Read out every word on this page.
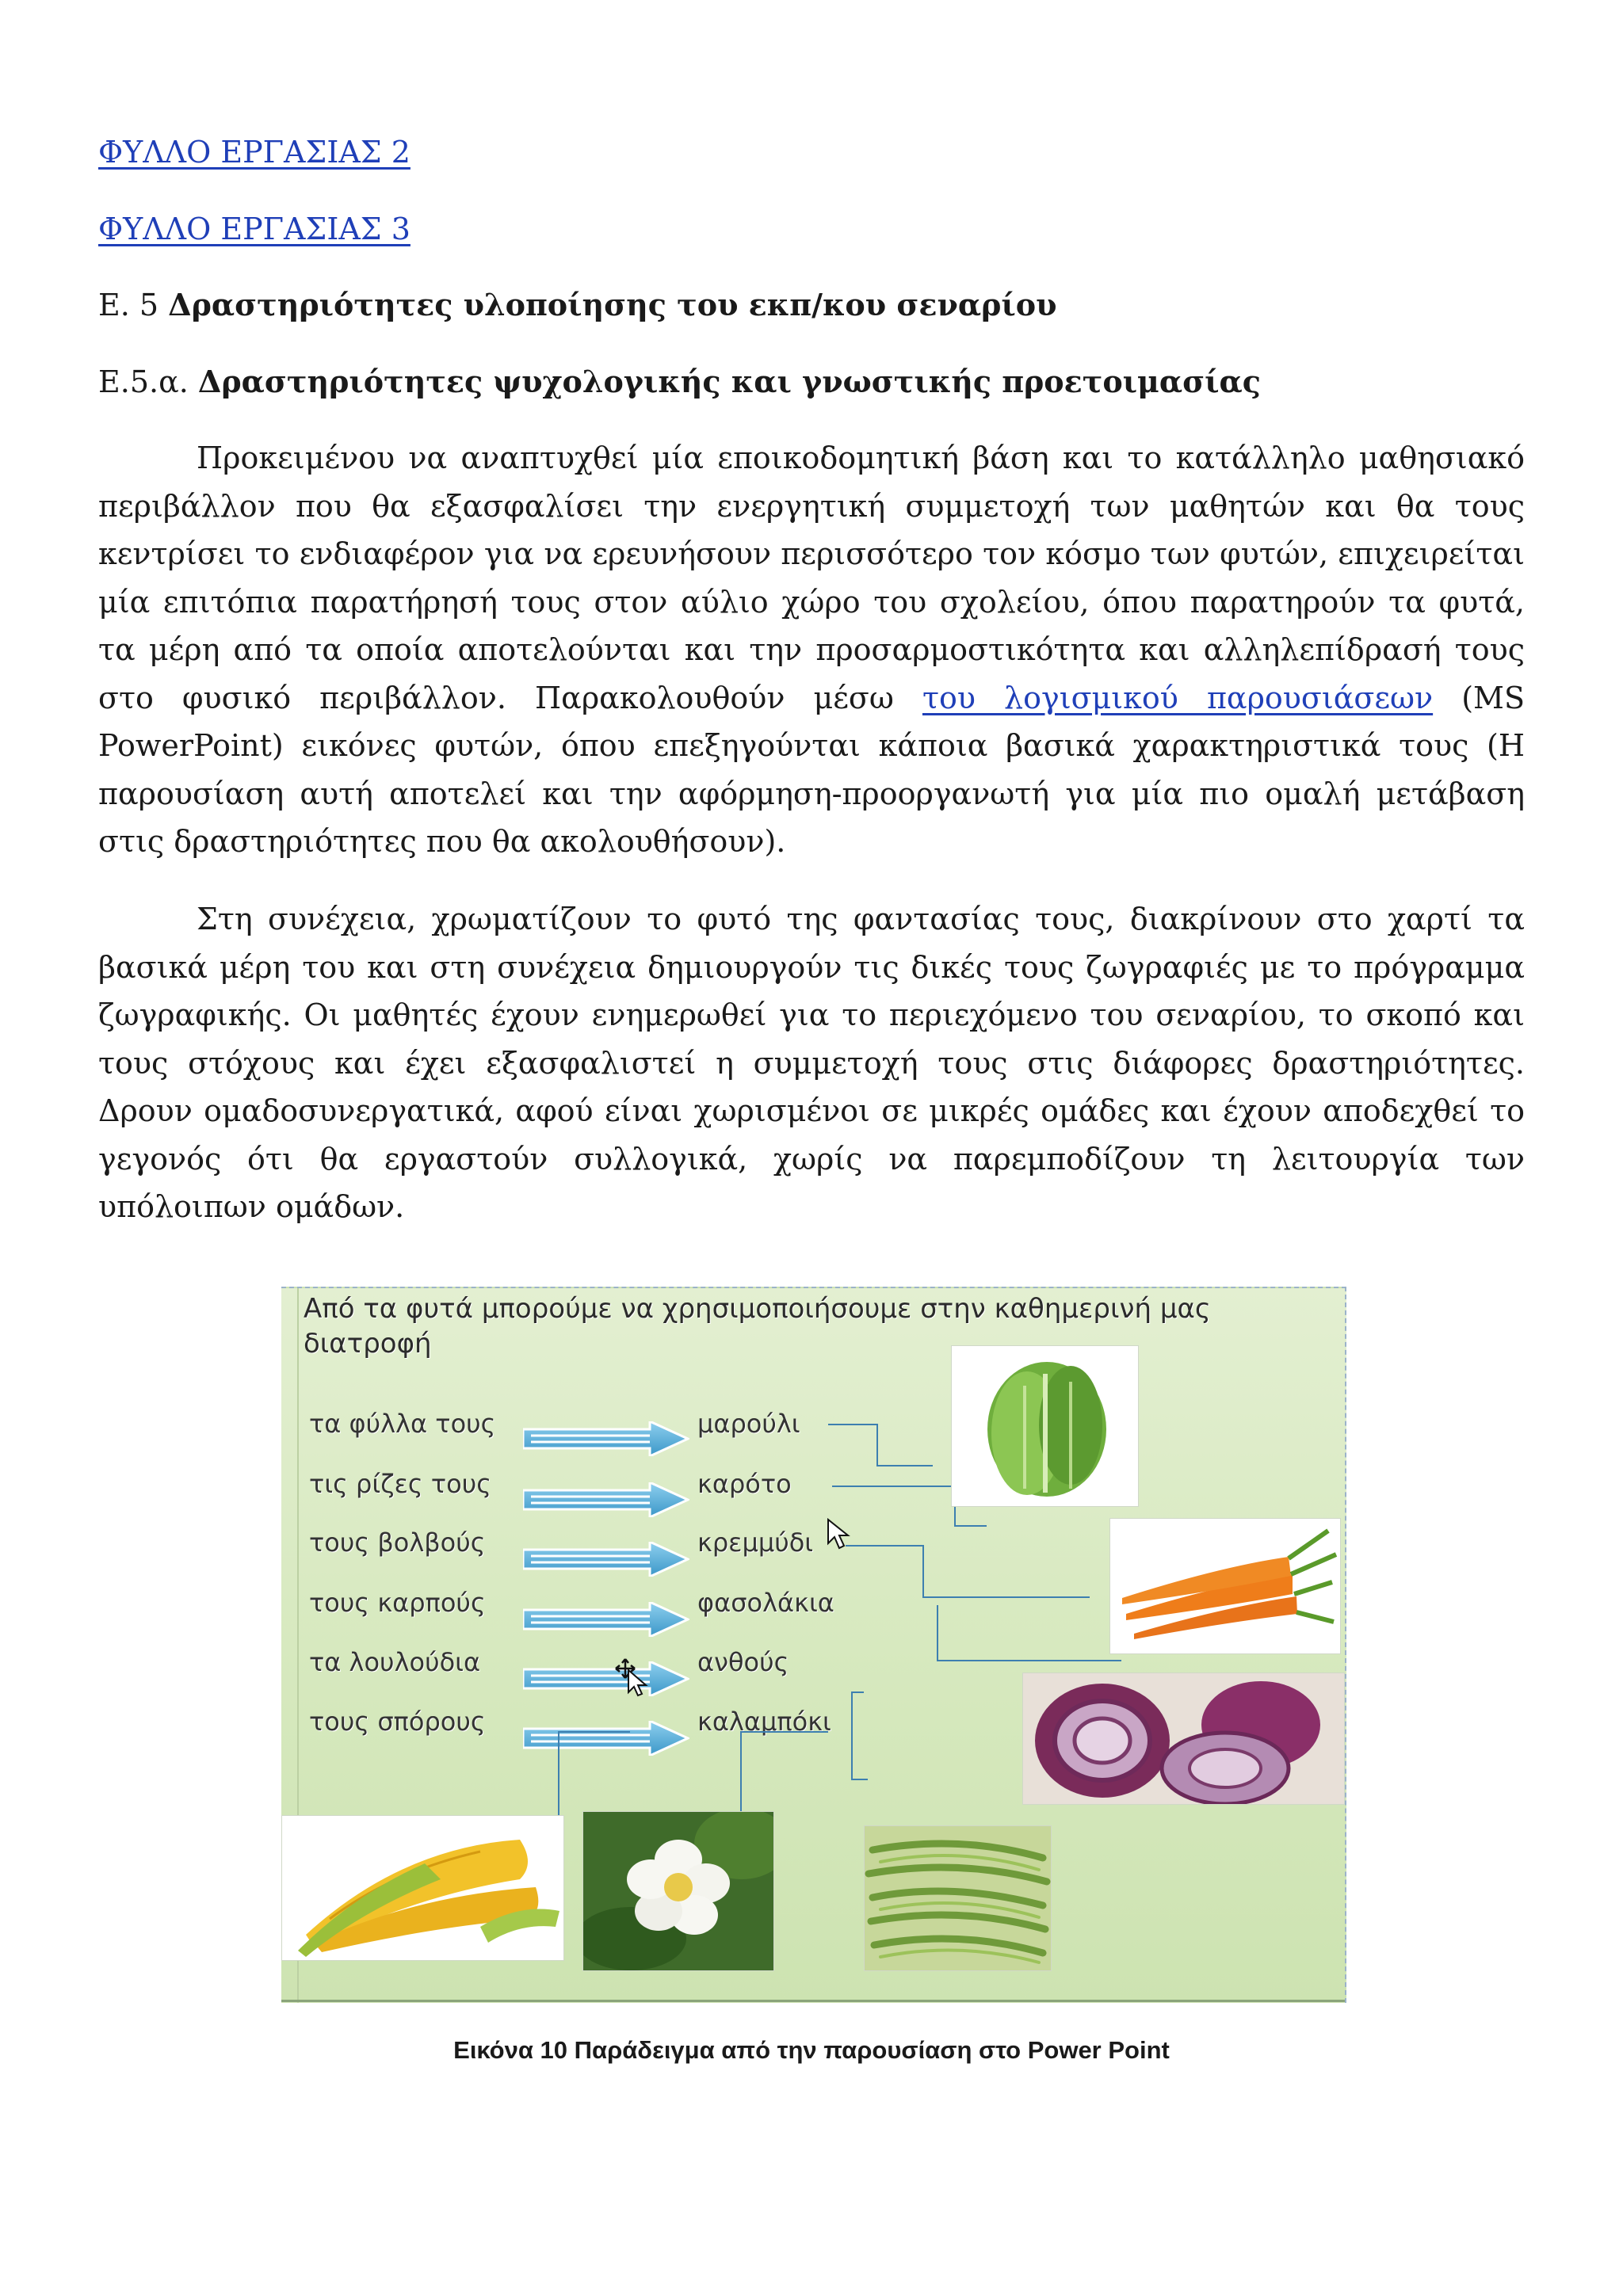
ΦΥΛΛΟ ΕΡΓΑΣΙΑΣ 2
ΦΥΛΛΟ ΕΡΓΑΣΙΑΣ 3
Ε. 5 Δραστηριότητες υλοποίησης του εκπ/κου σεναρίου
Ε.5.α. Δραστηριότητες ψυχολογικής και γνωστικής προετοιμασίας

Προκειμένου να αναπτυχθεί μία εποικοδομητική βάση και το κατάλληλο μαθησιακό περιβάλλον που θα εξασφαλίσει την ενεργητική συμμετοχή των μαθητών και θα τους κεντρίσει το ενδιαφέρον για να ερευνήσουν περισσότερο τον κόσμο των φυτών, επιχειρείται μία επιτόπια παρατήρησή τους στον αύλιο χώρο του σχολείου, όπου παρατηρούν τα φυτά, τα μέρη από τα οποία αποτελούνται και την προσαρμοστικότητα και αλληλεπίδρασή τους στο φυσικό περιβάλλον. Παρακολουθούν μέσω του λογισμικού παρουσιάσεων (MS PowerPoint) εικόνες φυτών, όπου επεξηγούνται κάποια βασικά χαρακτηριστικά τους (Η παρουσίαση αυτή αποτελεί και την αφόρμηση-προοργανωτή για μία πιο ομαλή μετάβαση στις δραστηριότητες που θα ακολουθήσουν).

Στη συνέχεια, χρωματίζουν το φυτό της φαντασίας τους, διακρίνουν στο χαρτί τα βασικά μέρη του και στη συνέχεια δημιουργούν τις δικές τους ζωγραφιές με το πρόγραμμα ζωγραφικής. Οι μαθητές έχουν ενημερωθεί για το περιεχόμενο του σεναρίου, το σκοπό και τους στόχους και έχει εξασφαλιστεί η συμμετοχή τους στις διάφορες δραστηριότητες. Δρουν ομαδοσυνεργατικά, αφού είναι χωρισμένοι σε μικρές ομάδες και έχουν αποδεχθεί το γεγονός ότι θα εργαστούν συλλογικά, χωρίς να παρεμποδίζουν τη λειτουργία των υπόλοιπων ομάδων.

Από τα φυτά μπορούμε να χρησιμοποιήσουμε στην καθημερινή μας διατροφή
τα φύλλα τους
τις ρίζες τους
τους βολβούς
τους καρπούς
τα λουλούδια
τους σπόρους
μαρούλι
καρότο
κρεμμύδι
φασολάκια
ανθούς
καλαμπόκι
Εικόνα 10 Παράδειγμα από την παρουσίαση στο Power Point
